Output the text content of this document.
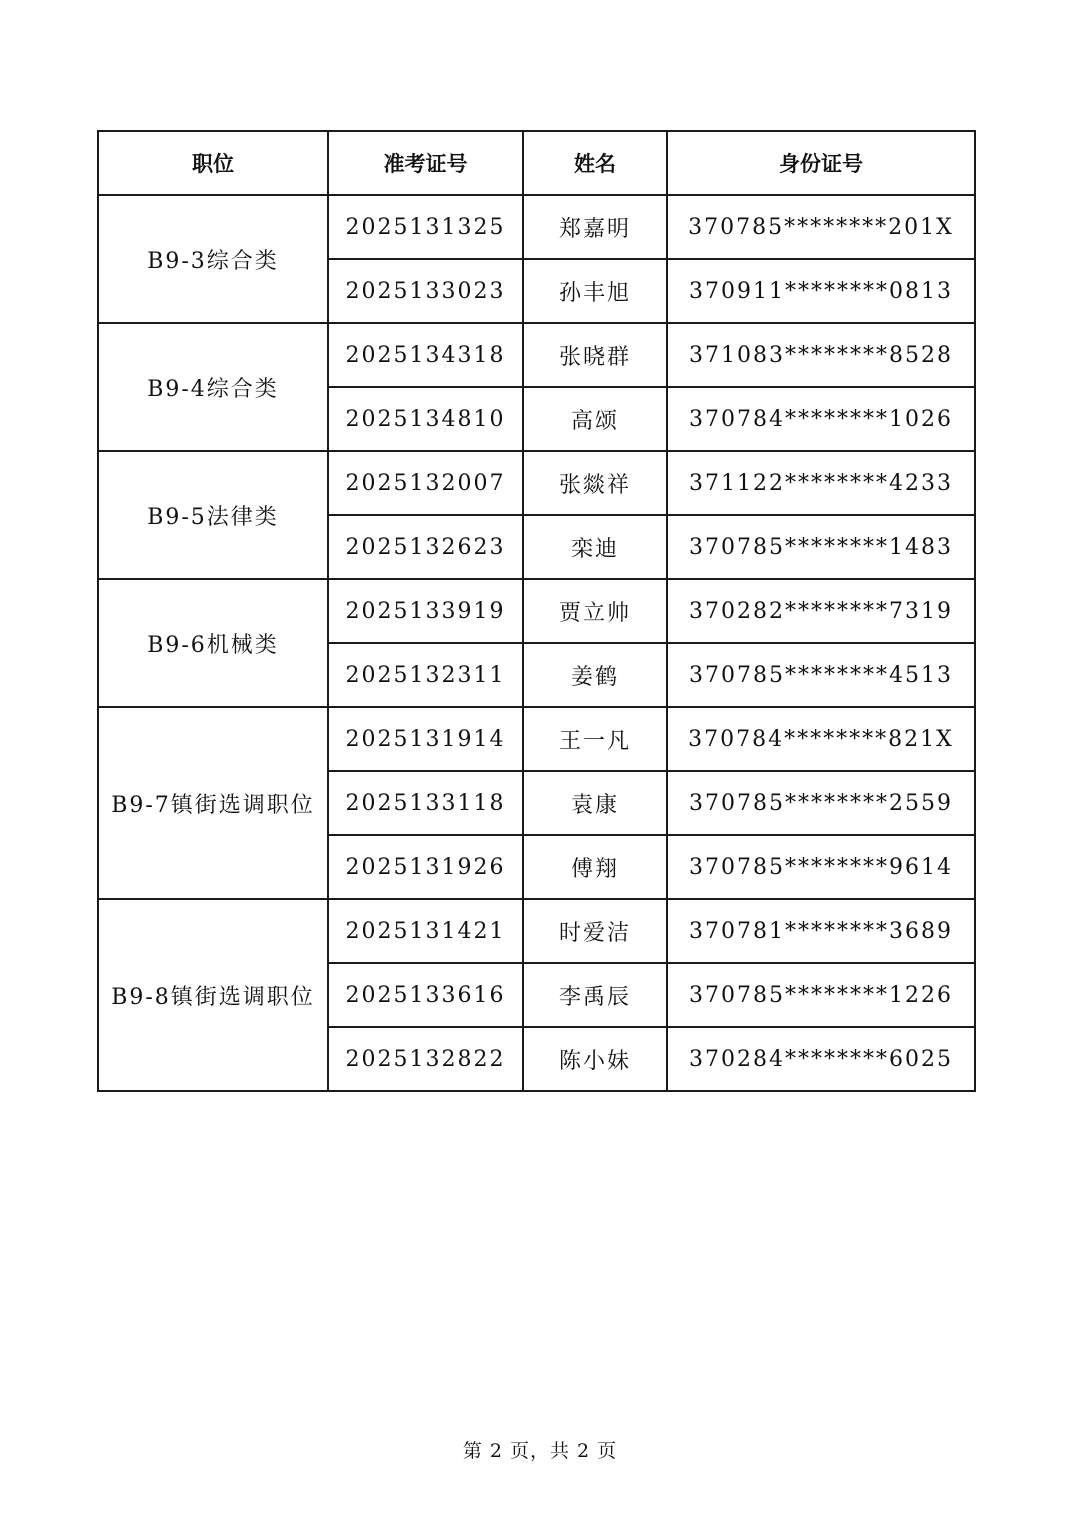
职位	准考证号	姓名	身份证号
B9-3综合类	2025131325	郑嘉明	370785********201X
	2025133023	孙丰旭	370911********0813
B9-4综合类	2025134318	张晓群	371083********8528
	2025134810	高颂	370784********1026
B9-5法律类	2025132007	张燚祥	371122********4233
	2025132623	栾迪	370785********1483
B9-6机械类	2025133919	贾立帅	370282********7319
	2025132311	姜鹤	370785********4513
B9-7镇街选调职位	2025131914	王一凡	370784********821X
	2025133118	袁康	370785********2559
	2025131926	傅翔	370785********9614
B9-8镇街选调职位	2025131421	时爱洁	370781********3689
	2025133616	李禹辰	370785********1226
	2025132822	陈小妹	370284********6025
第 2 页，共 2 页
